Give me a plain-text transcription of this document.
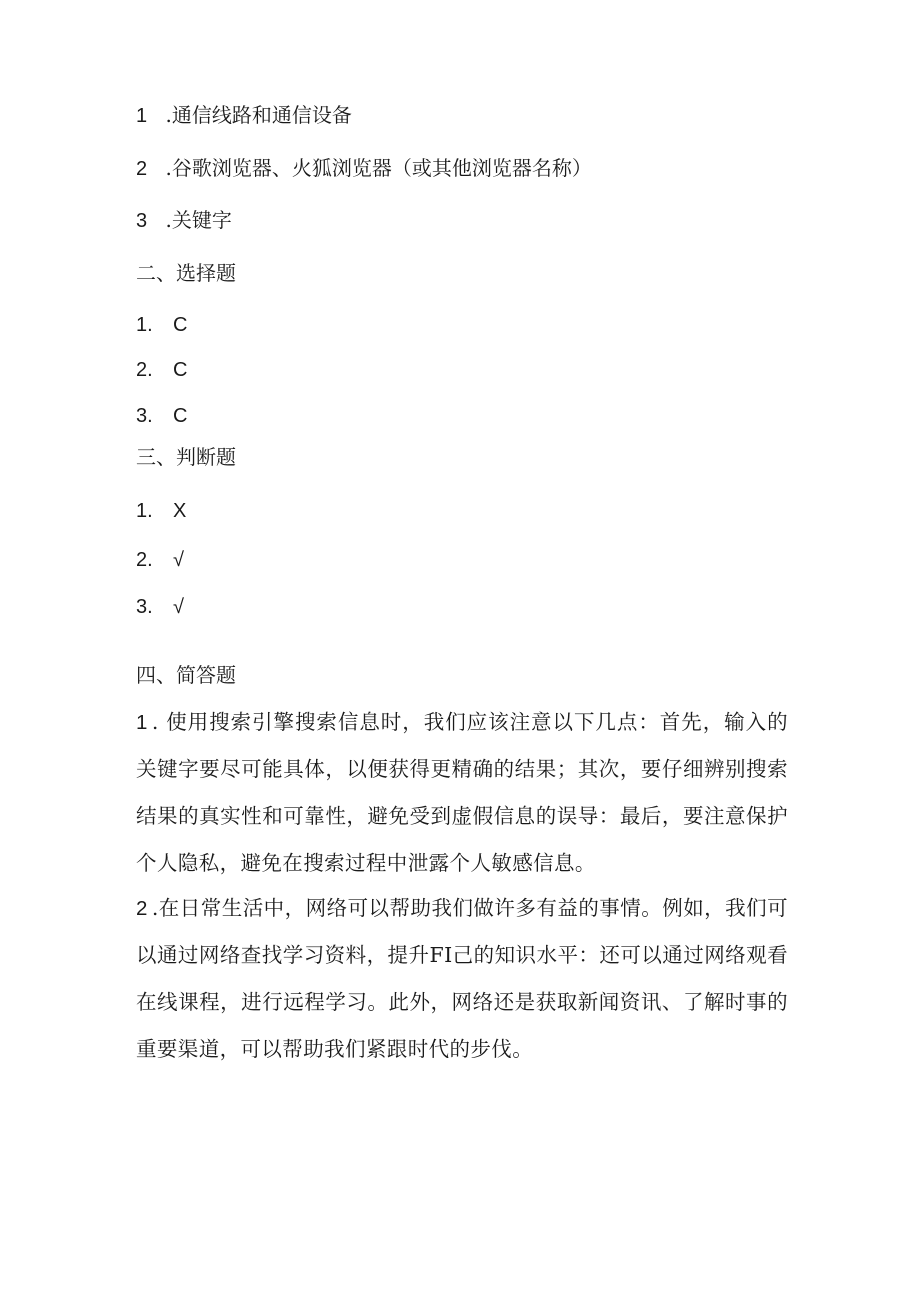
1 .通信线路和通信设备
2 .谷歌浏览器、火狐浏览器（或其他浏览器名称）
3 .关键字
二、选择题
1. C
2. C
3. C
三、判断题
1. X
2. √
3. √
四、简答题
1 . 使用搜索引擎搜索信息时，我们应该注意以下几点：首先，输入的关键字要尽可能具体，以便获得更精确的结果；其次，要仔细辨别搜索结果的真实性和可靠性，避免受到虚假信息的误导：最后，要注意保护个人隐私，避免在搜索过程中泄露个人敏感信息。
2 .在日常生活中，网络可以帮助我们做许多有益的事情。例如，我们可以通过网络查找学习资料，提升FI己的知识水平：还可以通过网络观看在线课程，进行远程学习。此外，网络还是获取新闻资讯、了解时事的重要渠道，可以帮助我们紧跟时代的步伐。
